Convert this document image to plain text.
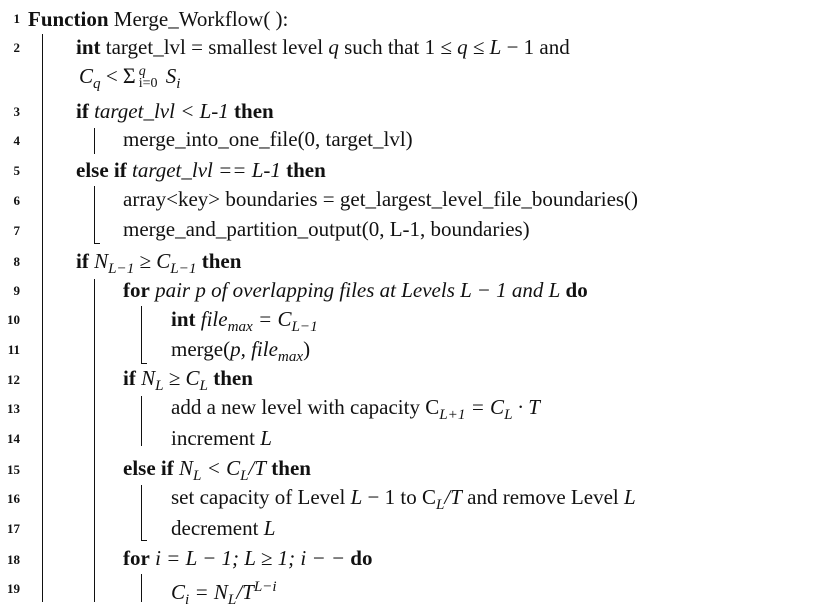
1
2
3
4
5
6
7
8
9
10
11
12
13
14
15
16
17
18
19
Function Merge_Workflow( ):
int target_lvl = smallest level q such that 1 ≤ q ≤ L − 1 and
$C_q < \Sigma$ q
i=0 $S_i$
if target_lvl < L-1 then
merge_into_one_file(0, target_lvl)
else if target_lvl == L-1 then
array<key> boundaries = get_largest_level_file_boundaries()
merge_and_partition_output(0, L-1, boundaries)
if $N_{L-1} \ge C_{L-1}$ then
for pair p of overlapping files at Levels L − 1 and L do
int file$_{max}$ = $C_{L-1}$
merge(p, file$_{max}$)
if $N_L \ge C_L$ then
add a new level with capacity $C_{L+1} = C_L \cdot T$
increment L
else if $N_L < C_L/T$ then
set capacity of Level L − 1 to $C_L/T$ and remove Level L
decrement L
for i = L − 1; L ≥ 1; i − − do
$C_i = N_L/T^{L-i}$
